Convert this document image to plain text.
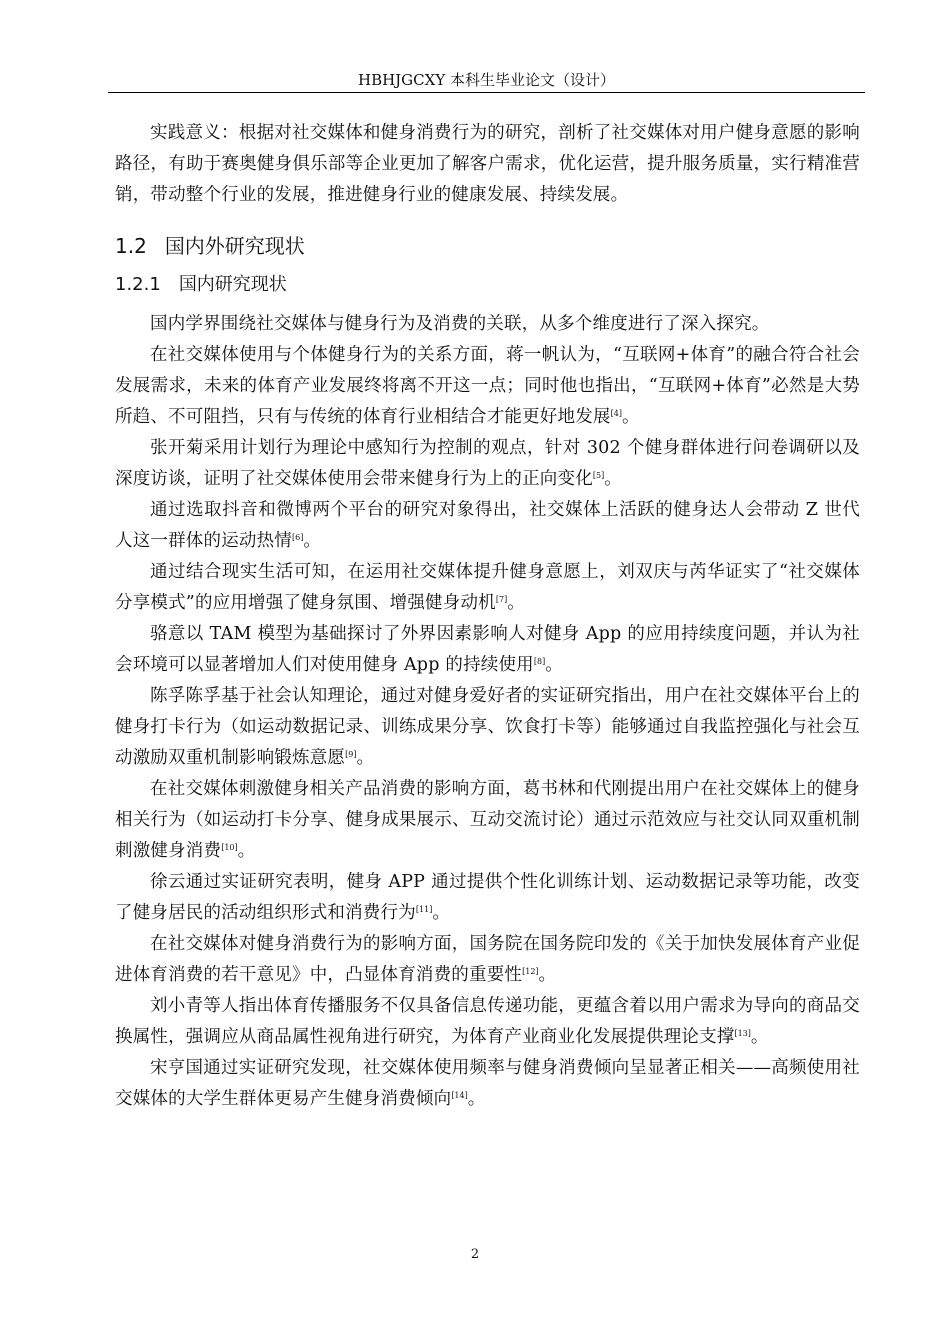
HBHJGCXY 本科生毕业论文（设计）

实践意义：根据对社交媒体和健身消费行为的研究，剖析了社交媒体对用户健身意愿的影响路径，有助于赛奥健身俱乐部等企业更加了解客户需求，优化运营，提升服务质量，实行精准营销，带动整个行业的发展，推进健身行业的健康发展、持续发展。

1.2 国内外研究现状
1.2.1 国内研究现状

国内学界围绕社交媒体与健身行为及消费的关联，从多个维度进行了深入探究。

在社交媒体使用与个体健身行为的关系方面，蒋一帆认为，“互联网+体育”的融合符合社会发展需求，未来的体育产业发展终将离不开这一点；同时他也指出，“互联网+体育”必然是大势所趋、不可阻挡，只有与传统的体育行业相结合才能更好地发展[4]。

张开菊采用计划行为理论中感知行为控制的观点，针对 302 个健身群体进行问卷调研以及深度访谈，证明了社交媒体使用会带来健身行为上的正向变化[5]。

通过选取抖音和微博两个平台的研究对象得出，社交媒体上活跃的健身达人会带动 Z 世代人这一群体的运动热情[6]。

通过结合现实生活可知，在运用社交媒体提升健身意愿上，刘双庆与芮华证实了“社交媒体分享模式”的应用增强了健身氛围、增强健身动机[7]。

骆意以 TAM 模型为基础探讨了外界因素影响人对健身 App 的应用持续度问题，并认为社会环境可以显著增加人们对使用健身 App 的持续使用[8]。

陈孚陈孚基于社会认知理论，通过对健身爱好者的实证研究指出，用户在社交媒体平台上的健身打卡行为（如运动数据记录、训练成果分享、饮食打卡等）能够通过自我监控强化与社会互动激励双重机制影响锻炼意愿[9]。

在社交媒体刺激健身相关产品消费的影响方面，葛书林和代刚提出用户在社交媒体上的健身相关行为（如运动打卡分享、健身成果展示、互动交流讨论）通过示范效应与社交认同双重机制刺激健身消费[10]。

徐云通过实证研究表明，健身 APP 通过提供个性化训练计划、运动数据记录等功能，改变了健身居民的活动组织形式和消费行为[11]。

在社交媒体对健身消费行为的影响方面，国务院在国务院印发的《关于加快发展体育产业促进体育消费的若干意见》中，凸显体育消费的重要性[12]。

刘小青等人指出体育传播服务不仅具备信息传递功能，更蕴含着以用户需求为导向的商品交换属性，强调应从商品属性视角进行研究，为体育产业商业化发展提供理论支撑[13]。

宋亨国通过实证研究发现，社交媒体使用频率与健身消费倾向呈显著正相关——高频使用社交媒体的大学生群体更易产生健身消费倾向[14]。

2
